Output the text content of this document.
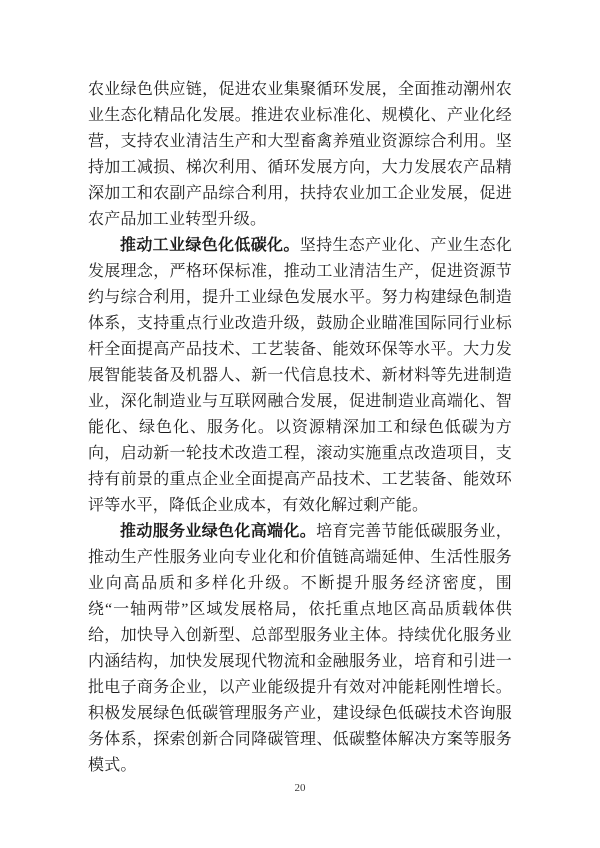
农业绿色供应链，促进农业集聚循环发展，全面推动潮州农业生态化精品化发展。推进农业标准化、规模化、产业化经营，支持农业清洁生产和大型畜禽养殖业资源综合利用。坚持加工减损、梯次利用、循环发展方向，大力发展农产品精深加工和农副产品综合利用，扶持农业加工企业发展，促进农产品加工业转型升级。

推动工业绿色化低碳化。坚持生态产业化、产业生态化发展理念，严格环保标准，推动工业清洁生产，促进资源节约与综合利用，提升工业绿色发展水平。努力构建绿色制造体系，支持重点行业改造升级，鼓励企业瞄准国际同行业标杆全面提高产品技术、工艺装备、能效环保等水平。大力发展智能装备及机器人、新一代信息技术、新材料等先进制造业，深化制造业与互联网融合发展，促进制造业高端化、智能化、绿色化、服务化。以资源精深加工和绿色低碳为方向，启动新一轮技术改造工程，滚动实施重点改造项目，支持有前景的重点企业全面提高产品技术、工艺装备、能效环评等水平，降低企业成本，有效化解过剩产能。

推动服务业绿色化高端化。培育完善节能低碳服务业，推动生产性服务业向专业化和价值链高端延伸、生活性服务业向高品质和多样化升级。不断提升服务经济密度，围绕“一轴两带”区域发展格局，依托重点地区高品质载体供给，加快导入创新型、总部型服务业主体。持续优化服务业内涵结构，加快发展现代物流和金融服务业，培育和引进一批电子商务企业，以产业能级提升有效对冲能耗刚性增长。积极发展绿色低碳管理服务产业，建设绿色低碳技术咨询服务体系，探索创新合同降碳管理、低碳整体解决方案等服务模式。

20
